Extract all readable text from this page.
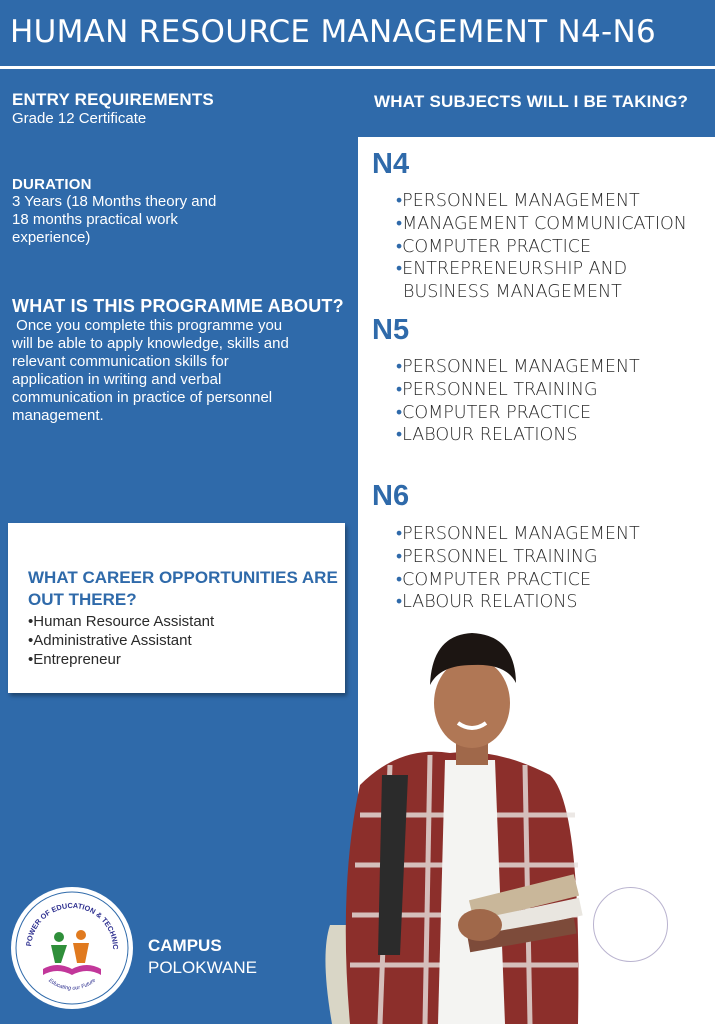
HUMAN RESOURCE MANAGEMENT N4-N6
ENTRY REQUIREMENTS
Grade 12 Certificate
DURATION
3 Years (18 Months theory and
18 months practical work
experience)
WHAT IS THIS PROGRAMME ABOUT?
Once you complete this programme you
will be able to apply knowledge, skills and
relevant communication skills for
application in writing and verbal
communication in practice of personnel
management.
WHAT CAREER OPPORTUNITIES ARE OUT THERE?
•Human Resource Assistant
•Administrative Assistant
•Entrepreneur
WHAT SUBJECTS WILL I BE TAKING?
N4
• PERSONNEL MANAGEMENT
• MANAGEMENT COMMUNICATION
• COMPUTER PRACTICE
• ENTREPRENEURSHIP AND BUSINESS MANAGEMENT
N5
• PERSONNEL MANAGEMENT
• PERSONNEL TRAINING
• COMPUTER PRACTICE
• LABOUR RELATIONS
N6
• PERSONNEL MANAGEMENT
• PERSONNEL TRAINING
• COMPUTER PRACTICE
• LABOUR RELATIONS
POWER OF EDUCATION & TECHNIC
Educating our Future
CAMPUS
POLOKWANE
